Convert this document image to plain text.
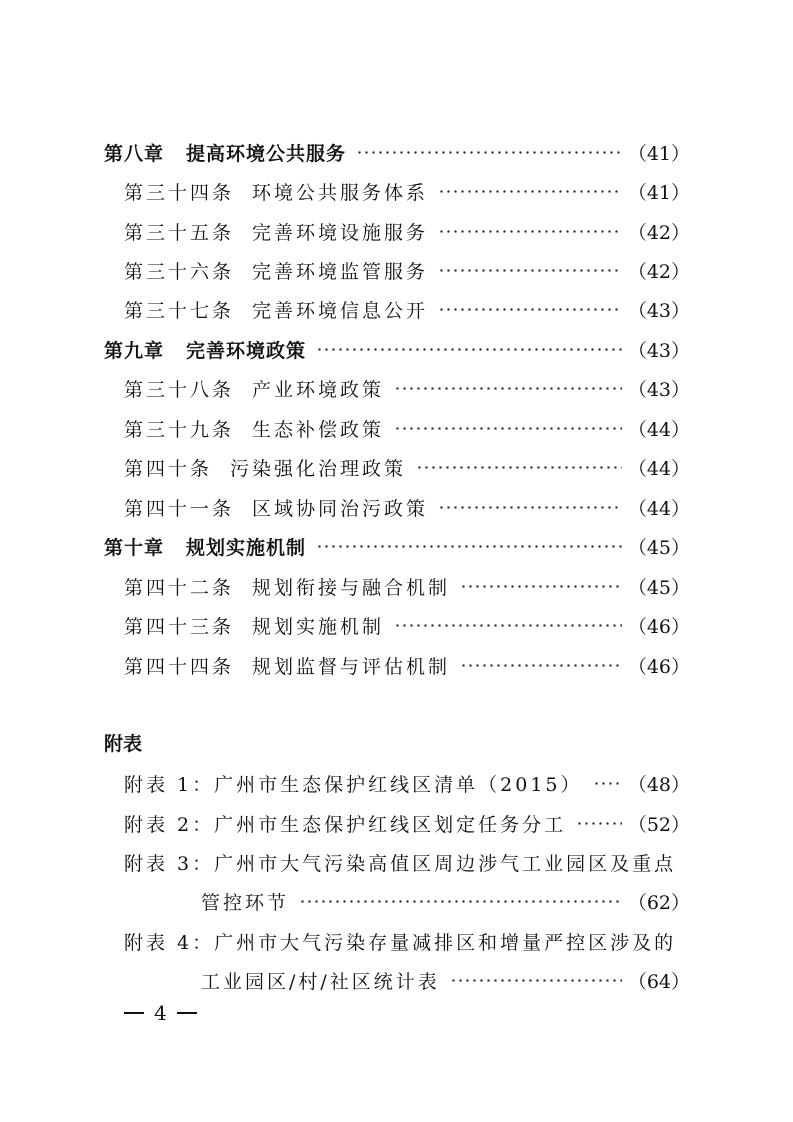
第八章 提高环境公共服务	（41）
第三十四条 环境公共服务体系	（41）
第三十五条 完善环境设施服务	（42）
第三十六条 完善环境监管服务	（42）
第三十七条 完善环境信息公开	（43）
第九章 完善环境政策	（43）
第三十八条 产业环境政策	（43）
第三十九条 生态补偿政策	（44）
第四十条 污染强化治理政策	（44）
第四十一条 区域协同治污政策	（44）
第十章 规划实施机制	（45）
第四十二条 规划衔接与融合机制	（45）
第四十三条 规划实施机制	（46）
第四十四条 规划监督与评估机制	（46）
附表
附表 1： 广州市生态保护红线区清单（2015） （48）
附表 2： 广州市生态保护红线区划定任务分工	（52）
附表 3： 广州市大气污染高值区周边涉气工业园区及重点
管控环节	（62）
附表 4： 广州市大气污染存量减排区和增量严控区涉及的
工业园区/村/社区统计表	（64）
4
